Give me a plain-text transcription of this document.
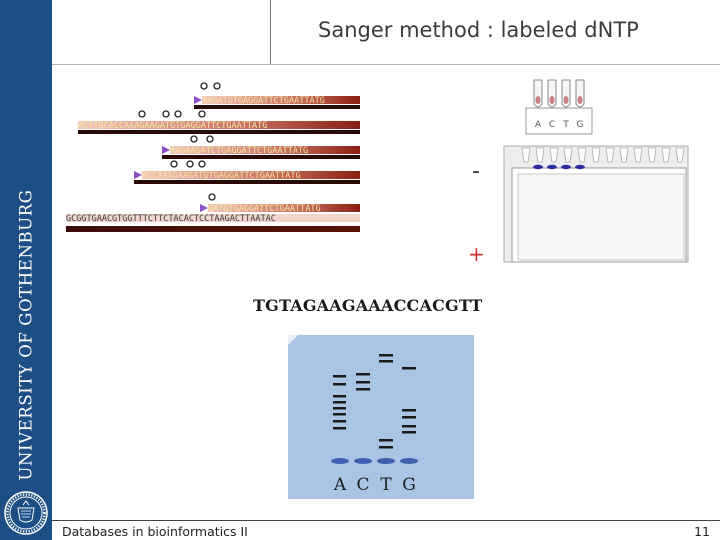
UNIVERSITY OF GOTHENBURG
Sanger method : labeled dNTP
AAGATGTGAGGATTCTGAATTATG
ACTTGCACCAAAGAAGATGTGAGGATTCTGAATTATG
AAGAAGATCTGAGGATTCTGAATTATG
ACCAAAGAAGATGTGAGGATTCTGAATTATG
GATGTGAGGATTCTGAATTATG
GCGGTGAACGTGGTTTCTTCTACACTCCTAAGACTTAATAC
A C T G
-
+
TGTAGAAGAAACCACGTT
A C T G
Databases in bioinformatics II	11
